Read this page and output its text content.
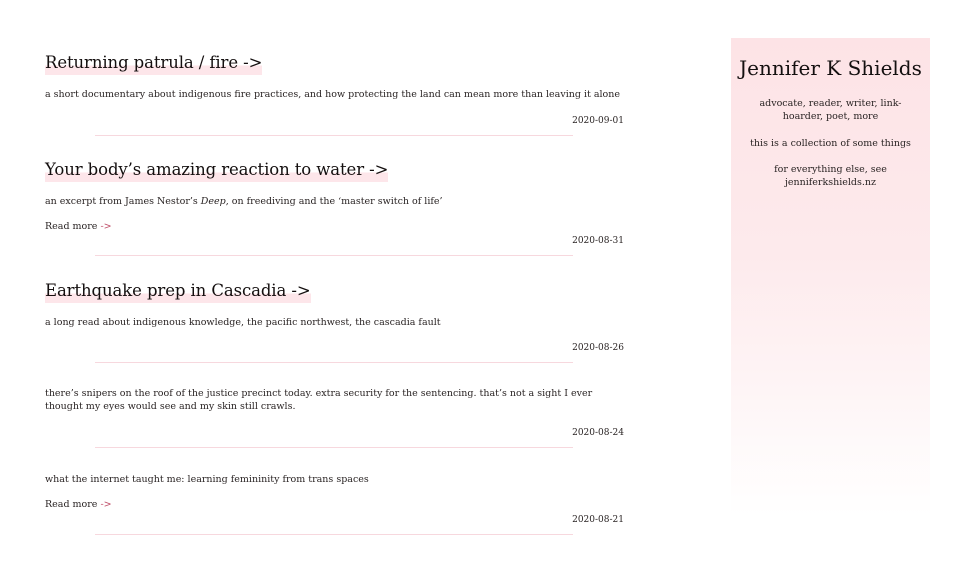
Returning patrula / fire ->

a short documentary about indigenous fire practices, and how protecting the land can mean more than leaving it alone

2020-09-01
Your body’s amazing reaction to water ->

an excerpt from James Nestor’s Deep, on freediving and the ‘master switch of life’

Read more ->
2020-08-31
Earthquake prep in Cascadia ->

a long read about indigenous knowledge, the pacific northwest, the cascadia fault

2020-08-26

there’s snipers on the roof of the justice precinct today. extra security for the sentencing. that’s not a sight I ever thought my eyes would see and my skin still crawls.

2020-08-24

what the internet taught me: learning femininity from trans spaces

Read more ->
2020-08-21
Jennifer K Shields

advocate, reader, writer, link-hoarder, poet, more

this is a collection of some things

for everything else, see

jenniferkshields.nz
